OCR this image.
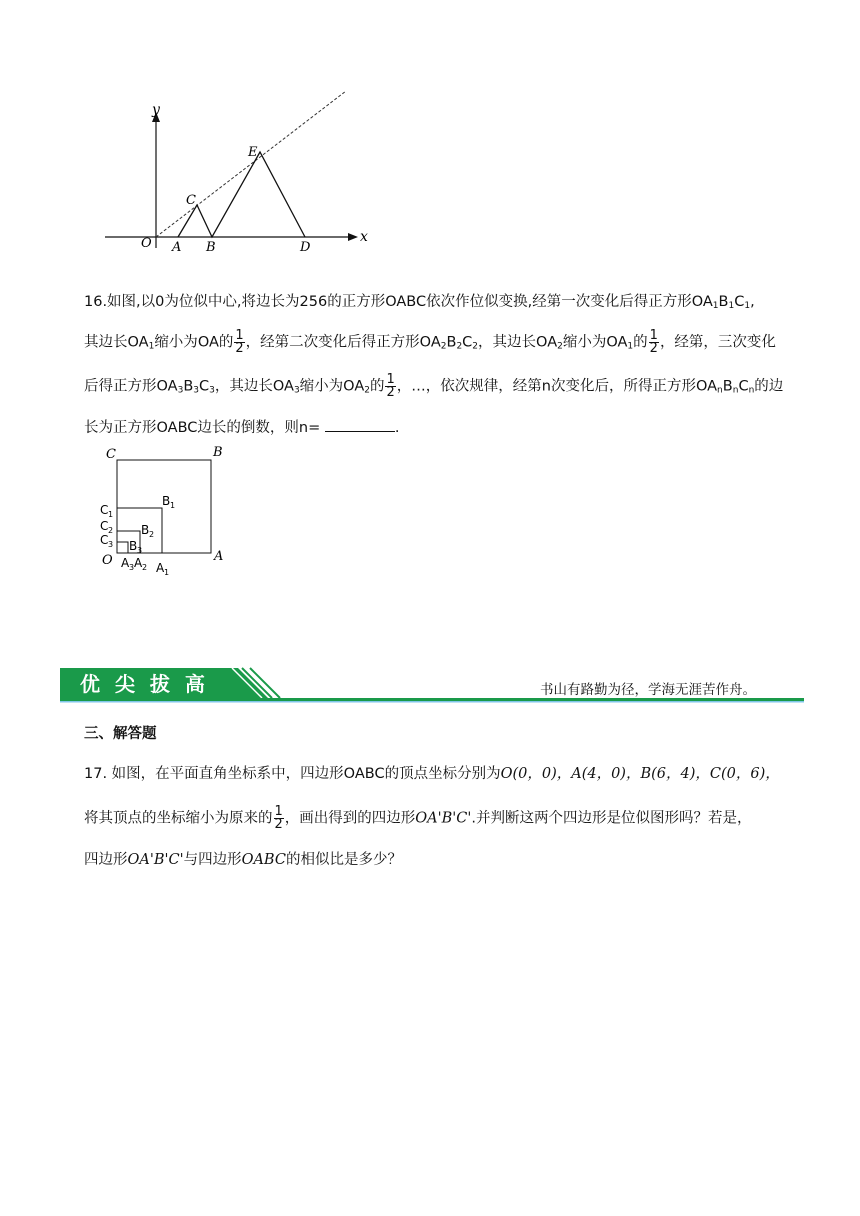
y
x
O A B
C
D
E
16.如图,以0为位似中心,将边长为256的正方形OABC依次作位似变换,经第一次变化后得正方形$OA_1B_1C_1$,
其边长$OA_1$缩小为OA的 $\frac{1}{2}$ ，经第二次变化后得正方形$OA_2B_2C_2$，其边长$OA_2$缩小为$OA_1$的 $\frac{1}{2}$ ，经第，三次变化
后得正方形$OA_3B_3C_3$，其边长$OA_3$缩小为$OA_2$的 $\frac{1}{2}$ ，…，依次规律，经第n次变化后，所得正方形$OA_nB_nC_n$的边
长为正方形OABC边长的倒数，则n=	.
C	B
O	A
C 1
B 1
C 2 B 2
C 3 B 3
A 3 A 2 A 1
优 尖 拔 高	书山有路勤为径，学海无涯苦作舟。
三、解答题
17. 如图，在平面直角坐标系中，四边形OABC的顶点坐标分别为O(0，0)，A(4，0)，B(6，4)，C(0，6)，
将其顶点的坐标缩小为原来的 $\frac{1}{2}$ ，画出得到的四边形OA'B'C'.并判断这两个四边形是位似图形吗？若是，
四边形OA'B'C'与四边形OABC的相似比是多少？
